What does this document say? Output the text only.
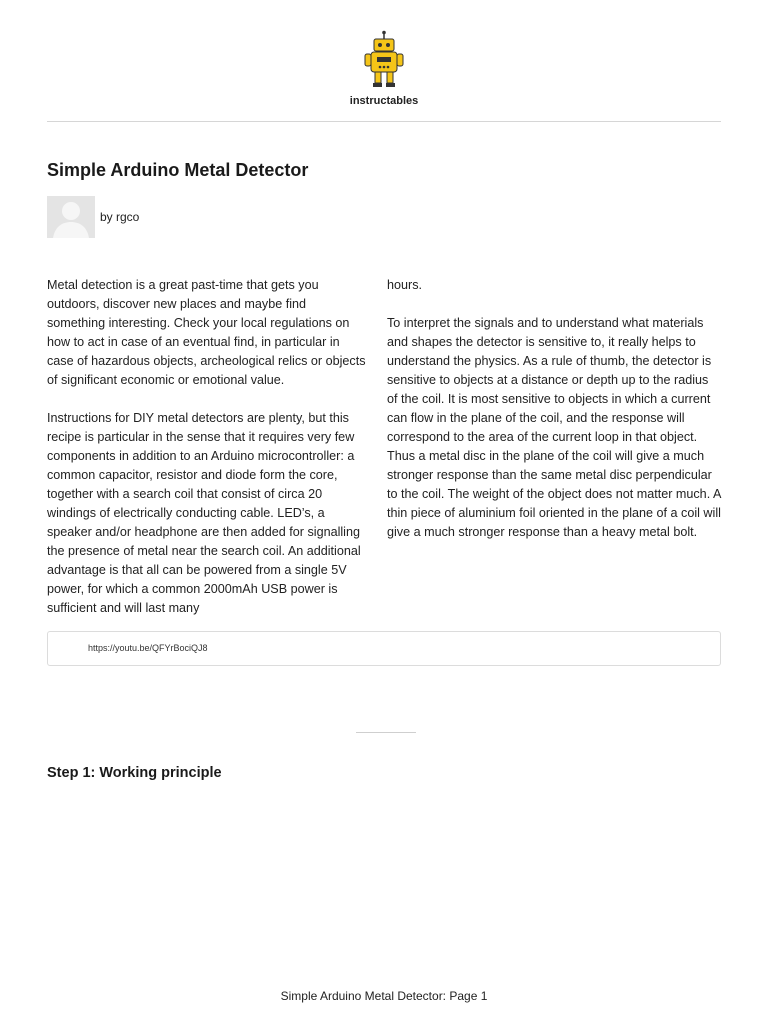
instructables
Simple Arduino Metal Detector
by rgco

Metal detection is a great past-time that gets you outdoors, discover new places and maybe find something interesting. Check your local regulations on how to act in case of an eventual find, in particular in case of hazardous objects, archeological relics or objects of significant economic or emotional value.

Instructions for DIY metal detectors are plenty, but this recipe is particular in the sense that it requires very few components in addition to an Arduino microcontroller: a common capacitor, resistor and diode form the core, together with a search coil that consist of circa 20 windings of electrically conducting cable. LED’s, a speaker and/or headphone are then added for signalling the presence of metal near the search coil. An additional advantage is that all can be powered from a single 5V power, for which a common 2000mAh USB power is sufficient and will last many

hours.

To interpret the signals and to understand what materials and shapes the detector is sensitive to, it really helps to understand the physics. As a rule of thumb, the detector is sensitive to objects at a distance or depth up to the radius of the coil. It is most sensitive to objects in which a current can flow in the plane of the coil, and the response will correspond to the area of the current loop in that object. Thus a metal disc in the plane of the coil will give a much stronger response than the same metal disc perpendicular to the coil. The weight of the object does not matter much. A thin piece of aluminium foil oriented in the plane of a coil will give a much stronger response than a heavy metal bolt.

https://youtu.be/QFYrBociQJ8
Step 1: Working principle
Simple Arduino Metal Detector: Page 1
